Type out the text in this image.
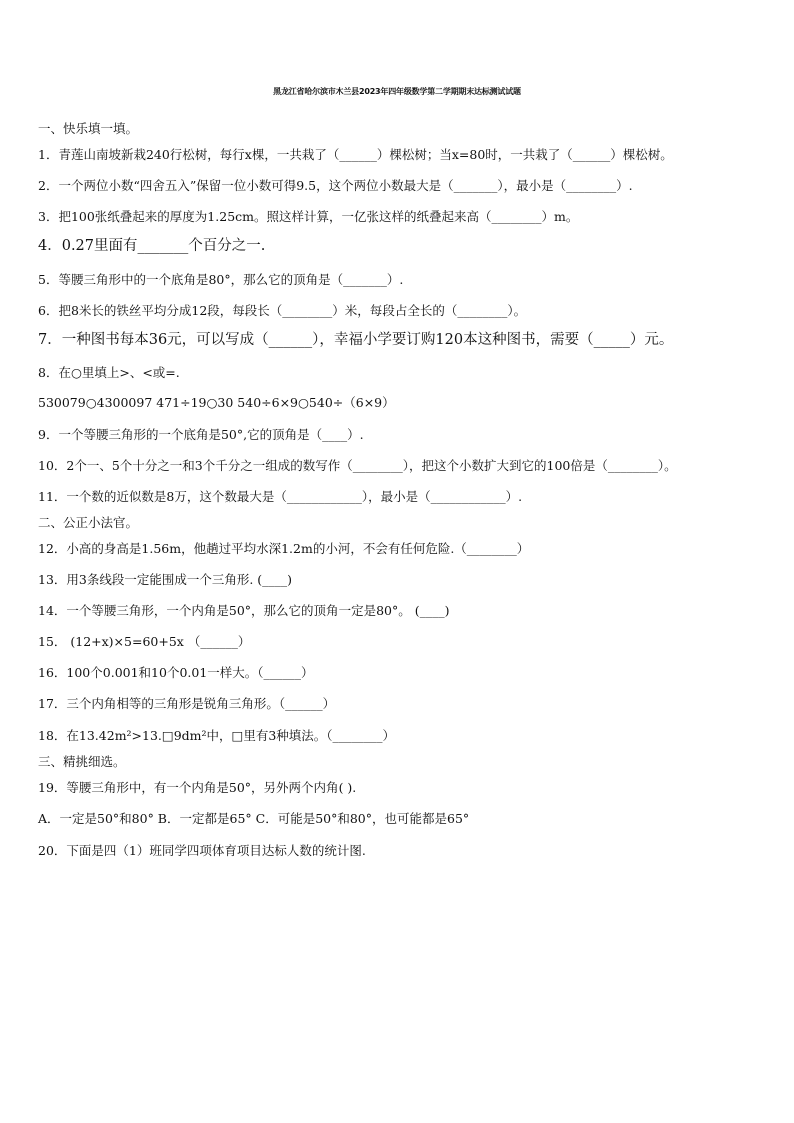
黑龙江省哈尔滨市木兰县2023年四年级数学第二学期期末达标测试试题
一、快乐填一填。
1．青莲山南坡新栽240行松树，每行x棵，一共栽了（______）棵松树；当x=80时，一共栽了（______）棵松树。
2．一个两位小数“四舍五入”保留一位小数可得9.5，这个两位小数最大是（_______），最小是（________）.
3．把100张纸叠起来的厚度为1.25cm。照这样计算，一亿张这样的纸叠起来高（________）m。
4．0.27里面有_______个百分之一.
5．等腰三角形中的一个底角是80°，那么它的顶角是（_______）.
6．把8米长的铁丝平均分成12段，每段长（________）米，每段占全长的（________）。
7．一种图书每本36元，可以写成（______），幸福小学要订购120本这种图书，需要（_____）元。
8．在○里填上>、<或=.
530079○4300097 471÷19○30 540÷6×9○540÷（6×9）
9．一个等腰三角形的一个底角是50°,它的顶角是（____）.
10．2个一、5个十分之一和3个千分之一组成的数写作（________），把这个小数扩大到它的100倍是（________）。
11．一个数的近似数是8万，这个数最大是（____________），最小是（____________）.
二、公正小法官。
12．小高的身高是1.56m，他趟过平均水深1.2m的小河，不会有任何危险.（________）
13．用3条线段一定能围成一个三角形. (____)
14．一个等腰三角形，一个内角是50°，那么它的顶角一定是80°。 (____)
15． (12+x)×5=60+5x （______）
16．100个0.001和10个0.01一样大。（______）
17．三个内角相等的三角形是锐角三角形。（______）
18．在13.42m²>13.□9dm²中，□里有3种填法。（________）
三、精挑细选。
19．等腰三角形中，有一个内角是50°，另外两个内角( ).
A．一定是50°和80° B．一定都是65° C．可能是50°和80°，也可能都是65°
20．下面是四（1）班同学四项体育项目达标人数的统计图.
